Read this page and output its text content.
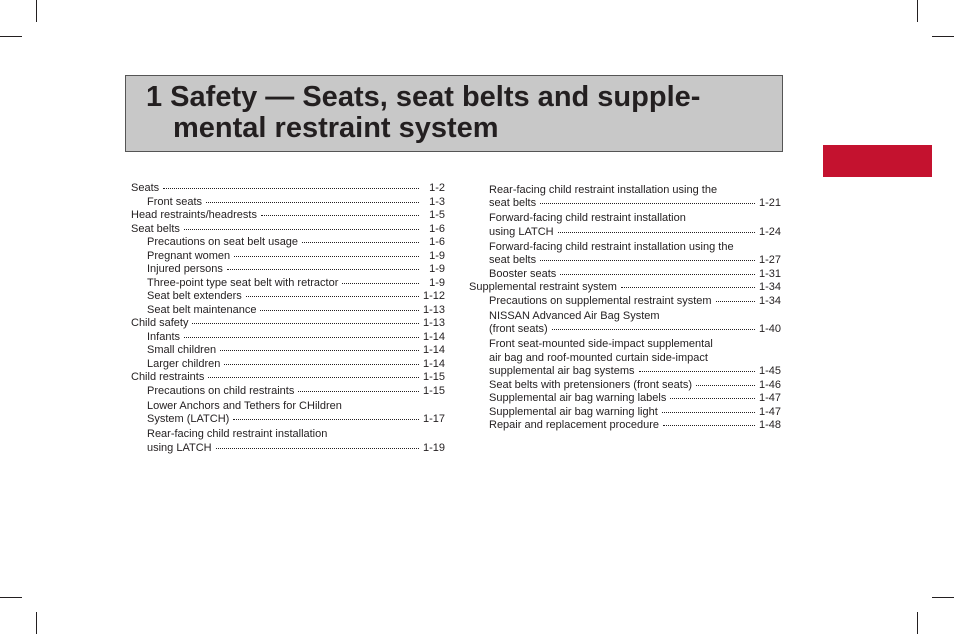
1 Safety — Seats, seat belts and supple-
mental restraint system
Seats	1-2
Front seats	1-3
Head restraints/headrests	1-5
Seat belts	1-6
Precautions on seat belt usage	1-6
Pregnant women	1-9
Injured persons	1-9
Three-point type seat belt with retractor	1-9
Seat belt extenders	1-12
Seat belt maintenance	1-13
Child safety	1-13
Infants	1-14
Small children	1-14
Larger children	1-14
Child restraints	1-15
Precautions on child restraints	1-15
Lower Anchors and Tethers for CHildren
System (LATCH)	1-17
Rear-facing child restraint installation
using LATCH	1-19
Rear-facing child restraint installation using the
seat belts	1-21
Forward-facing child restraint installation
using LATCH	1-24
Forward-facing child restraint installation using the
seat belts	1-27
Booster seats	1-31
Supplemental restraint system	1-34
Precautions on supplemental restraint system	1-34
NISSAN Advanced Air Bag System
(front seats)	1-40
Front seat-mounted side-impact supplemental
air bag and roof-mounted curtain side-impact
supplemental air bag systems	1-45
Seat belts with pretensioners (front seats)	1-46
Supplemental air bag warning labels	1-47
Supplemental air bag warning light	1-47
Repair and replacement procedure	1-48
